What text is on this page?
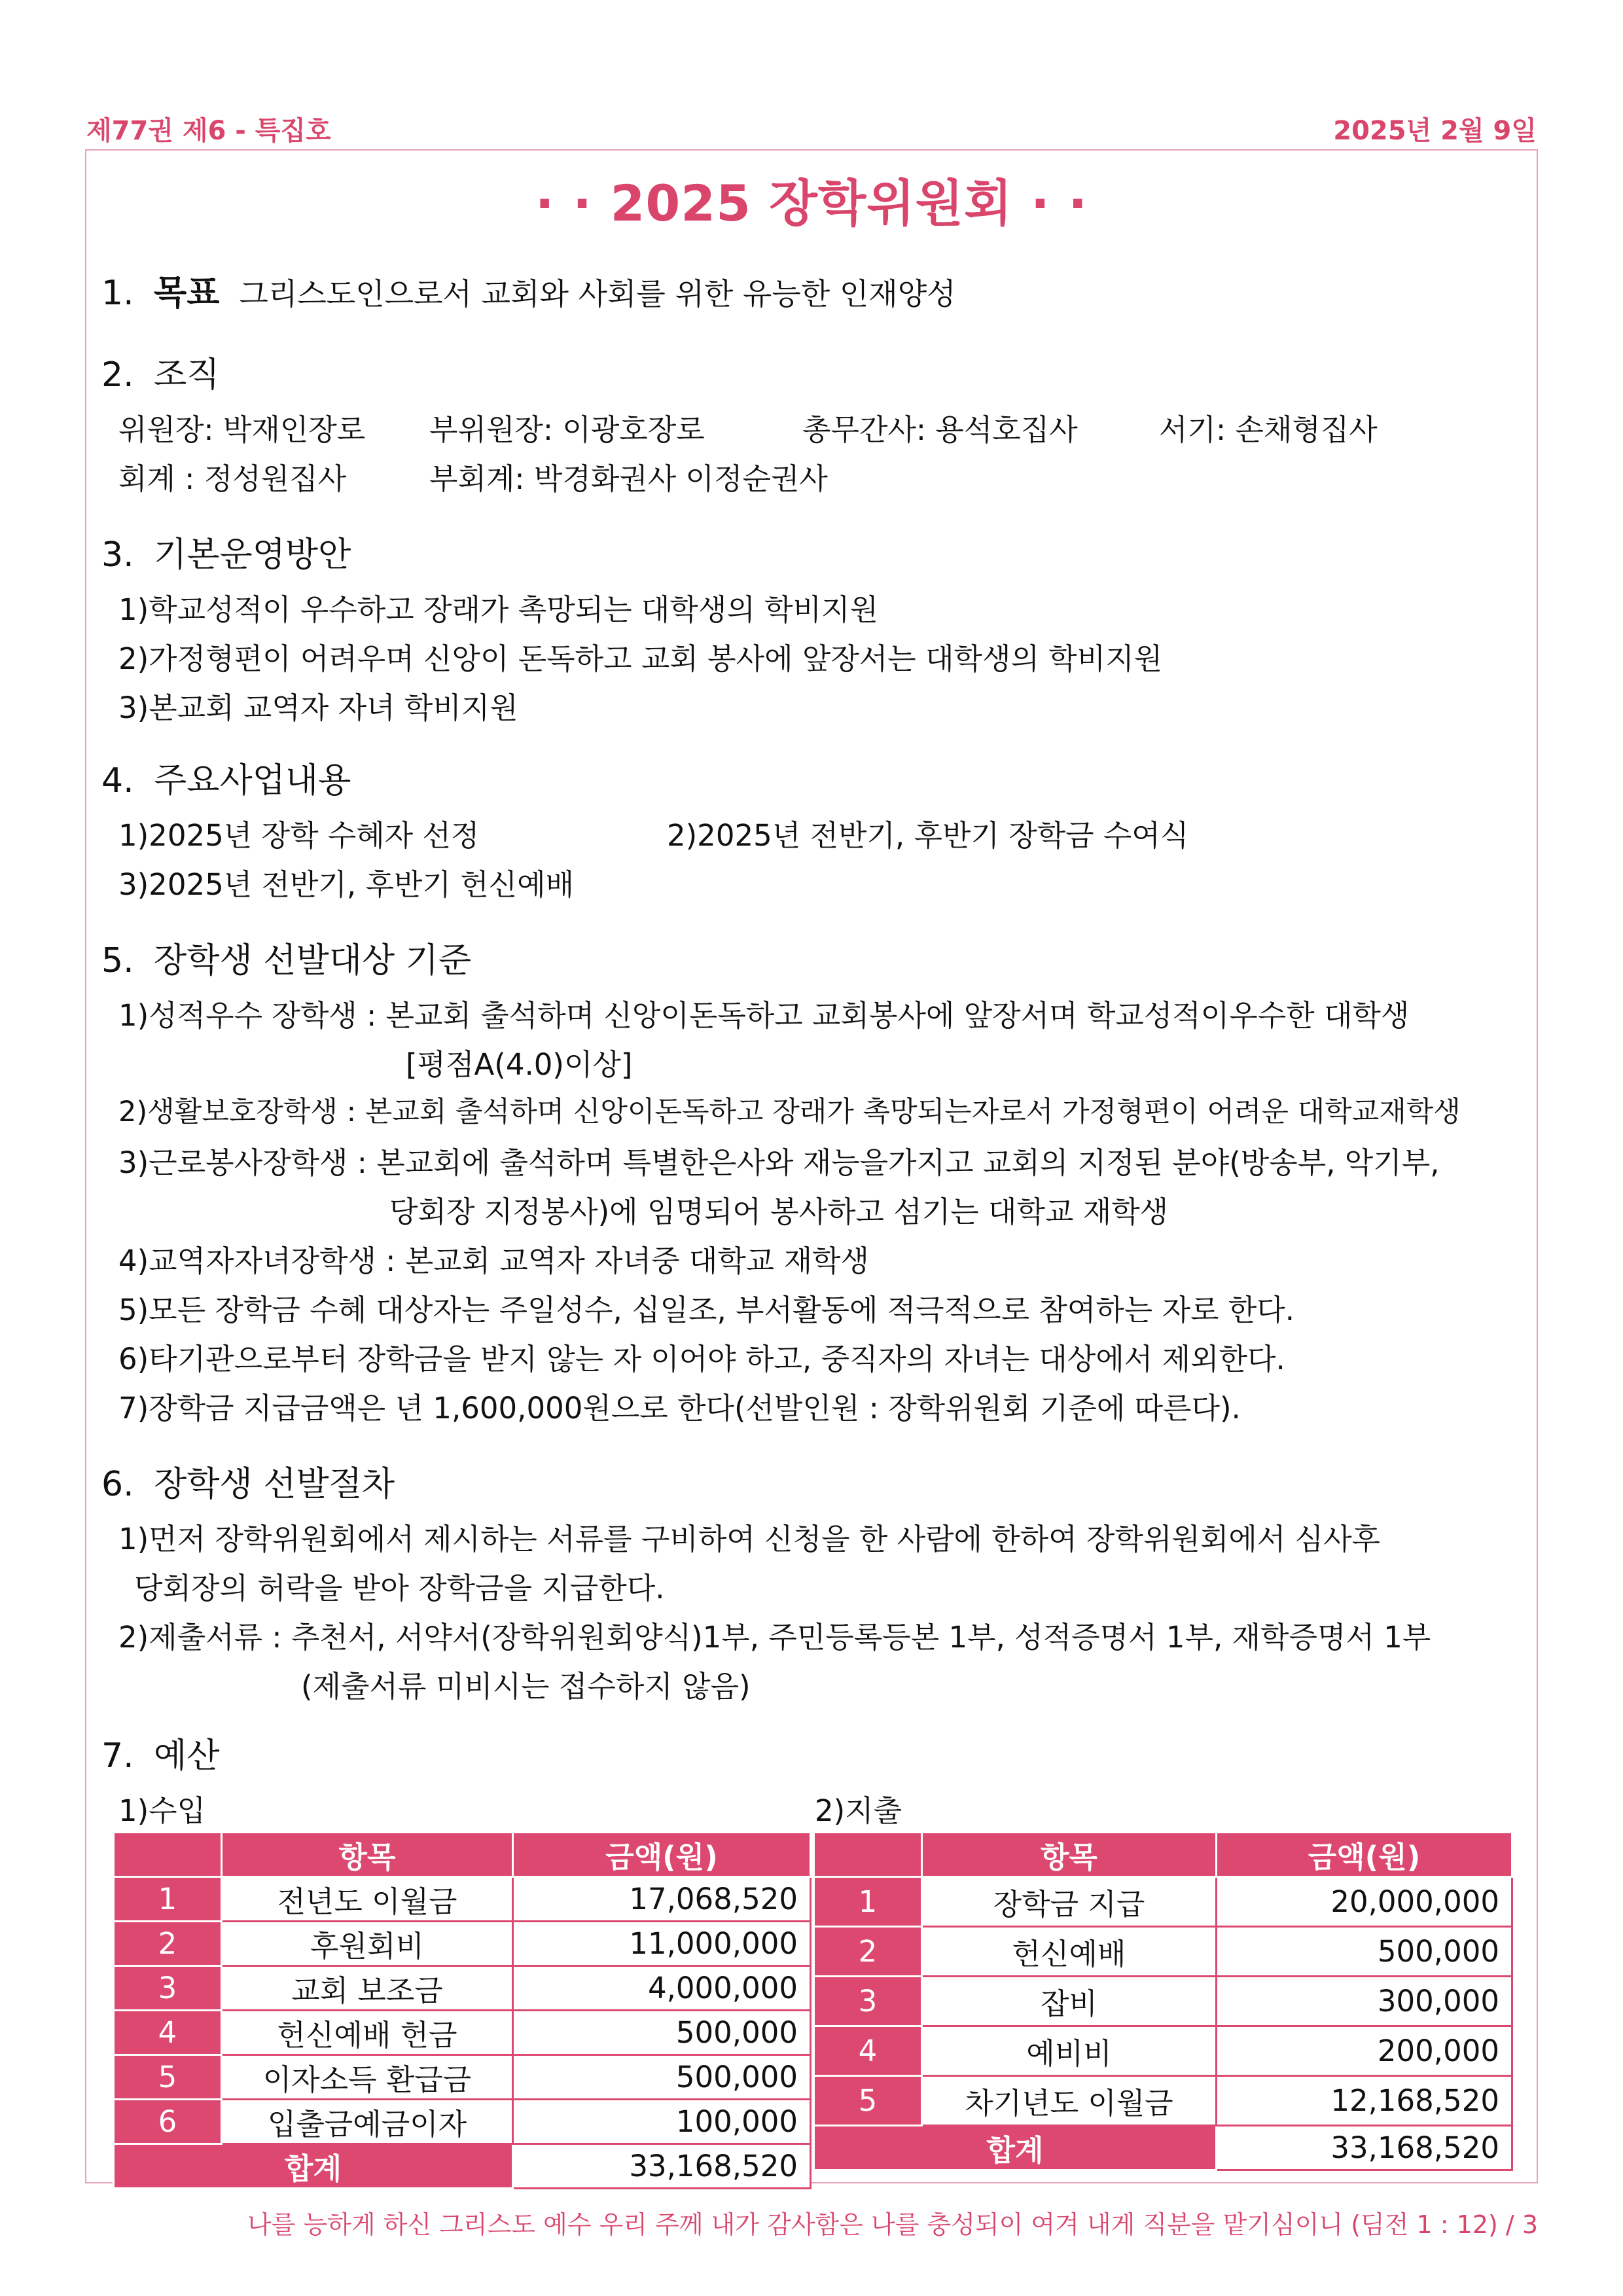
제77권 제6 - 특집호	2025년 2월 9일
· · 2025 장학위원회 · ·
1. 목표 그리스도인으로서 교회와 사회를 위한 유능한 인재양성
2. 조직
위원장: 박재인장로 부위원장: 이광호장로	총무간사: 용석호집사	서기: 손채형집사
회계 : 정성원집사	부회계: 박경화권사 이정순권사
3. 기본운영방안
1)학교성적이 우수하고 장래가 촉망되는 대학생의 학비지원
2)가정형편이 어려우며 신앙이 돈독하고 교회 봉사에 앞장서는 대학생의 학비지원
3)본교회 교역자 자녀 학비지원
4. 주요사업내용
1)2025년 장학 수혜자 선정	2)2025년 전반기, 후반기 장학금 수여식
3)2025년 전반기, 후반기 헌신예배
5. 장학생 선발대상 기준
1)성적우수 장학생 : 본교회 출석하며 신앙이돈독하고 교회봉사에 앞장서며 학교성적이우수한 대학생
[평점A(4.0)이상]
2)생활보호장학생 : 본교회 출석하며 신앙이돈독하고 장래가 촉망되는자로서 가정형편이 어려운 대학교재학생
3)근로봉사장학생 : 본교회에 출석하며 특별한은사와 재능을가지고 교회의 지정된 분야(방송부, 악기부,
당회장 지정봉사)에 임명되어 봉사하고 섬기는 대학교 재학생
4)교역자자녀장학생 : 본교회 교역자 자녀중 대학교 재학생
5)모든 장학금 수혜 대상자는 주일성수, 십일조, 부서활동에 적극적으로 참여하는 자로 한다.
6)타기관으로부터 장학금을 받지 않는 자 이어야 하고, 중직자의 자녀는 대상에서 제외한다.
7)장학금 지급금액은 년 1,600,000원으로 한다(선발인원 : 장학위원회 기준에 따른다).
6. 장학생 선발절차
1)먼저 장학위원회에서 제시하는 서류를 구비하여 신청을 한 사람에 한하여 장학위원회에서 심사후
당회장의 허락을 받아 장학금을 지급한다.
2)제출서류 : 추천서, 서약서(장학위원회양식)1부, 주민등록등본 1부, 성적증명서 1부, 재학증명서 1부
(제출서류 미비시는 접수하지 않음)
7. 예산
1)수입	2)지출
	항목	금액(원)
1	전년도 이월금	17,068,520
2	후원회비	11,000,000
3	교회 보조금	4,000,000
4	헌신예배 헌금	500,000
5	이자소득 환급금	500,000
6	입출금예금이자	100,000
합계		33,168,520
	항목	금액(원)
1	장학금 지급	20,000,000
2	헌신예배	500,000
3	잡비	300,000
4	예비비	200,000
5	차기년도 이월금	12,168,520
합계		33,168,520
나를 능하게 하신 그리스도 예수 우리 주께 내가 감사함은 나를 충성되이 여겨 내게 직분을 맡기심이니 (딤전 1 : 12) / 3
